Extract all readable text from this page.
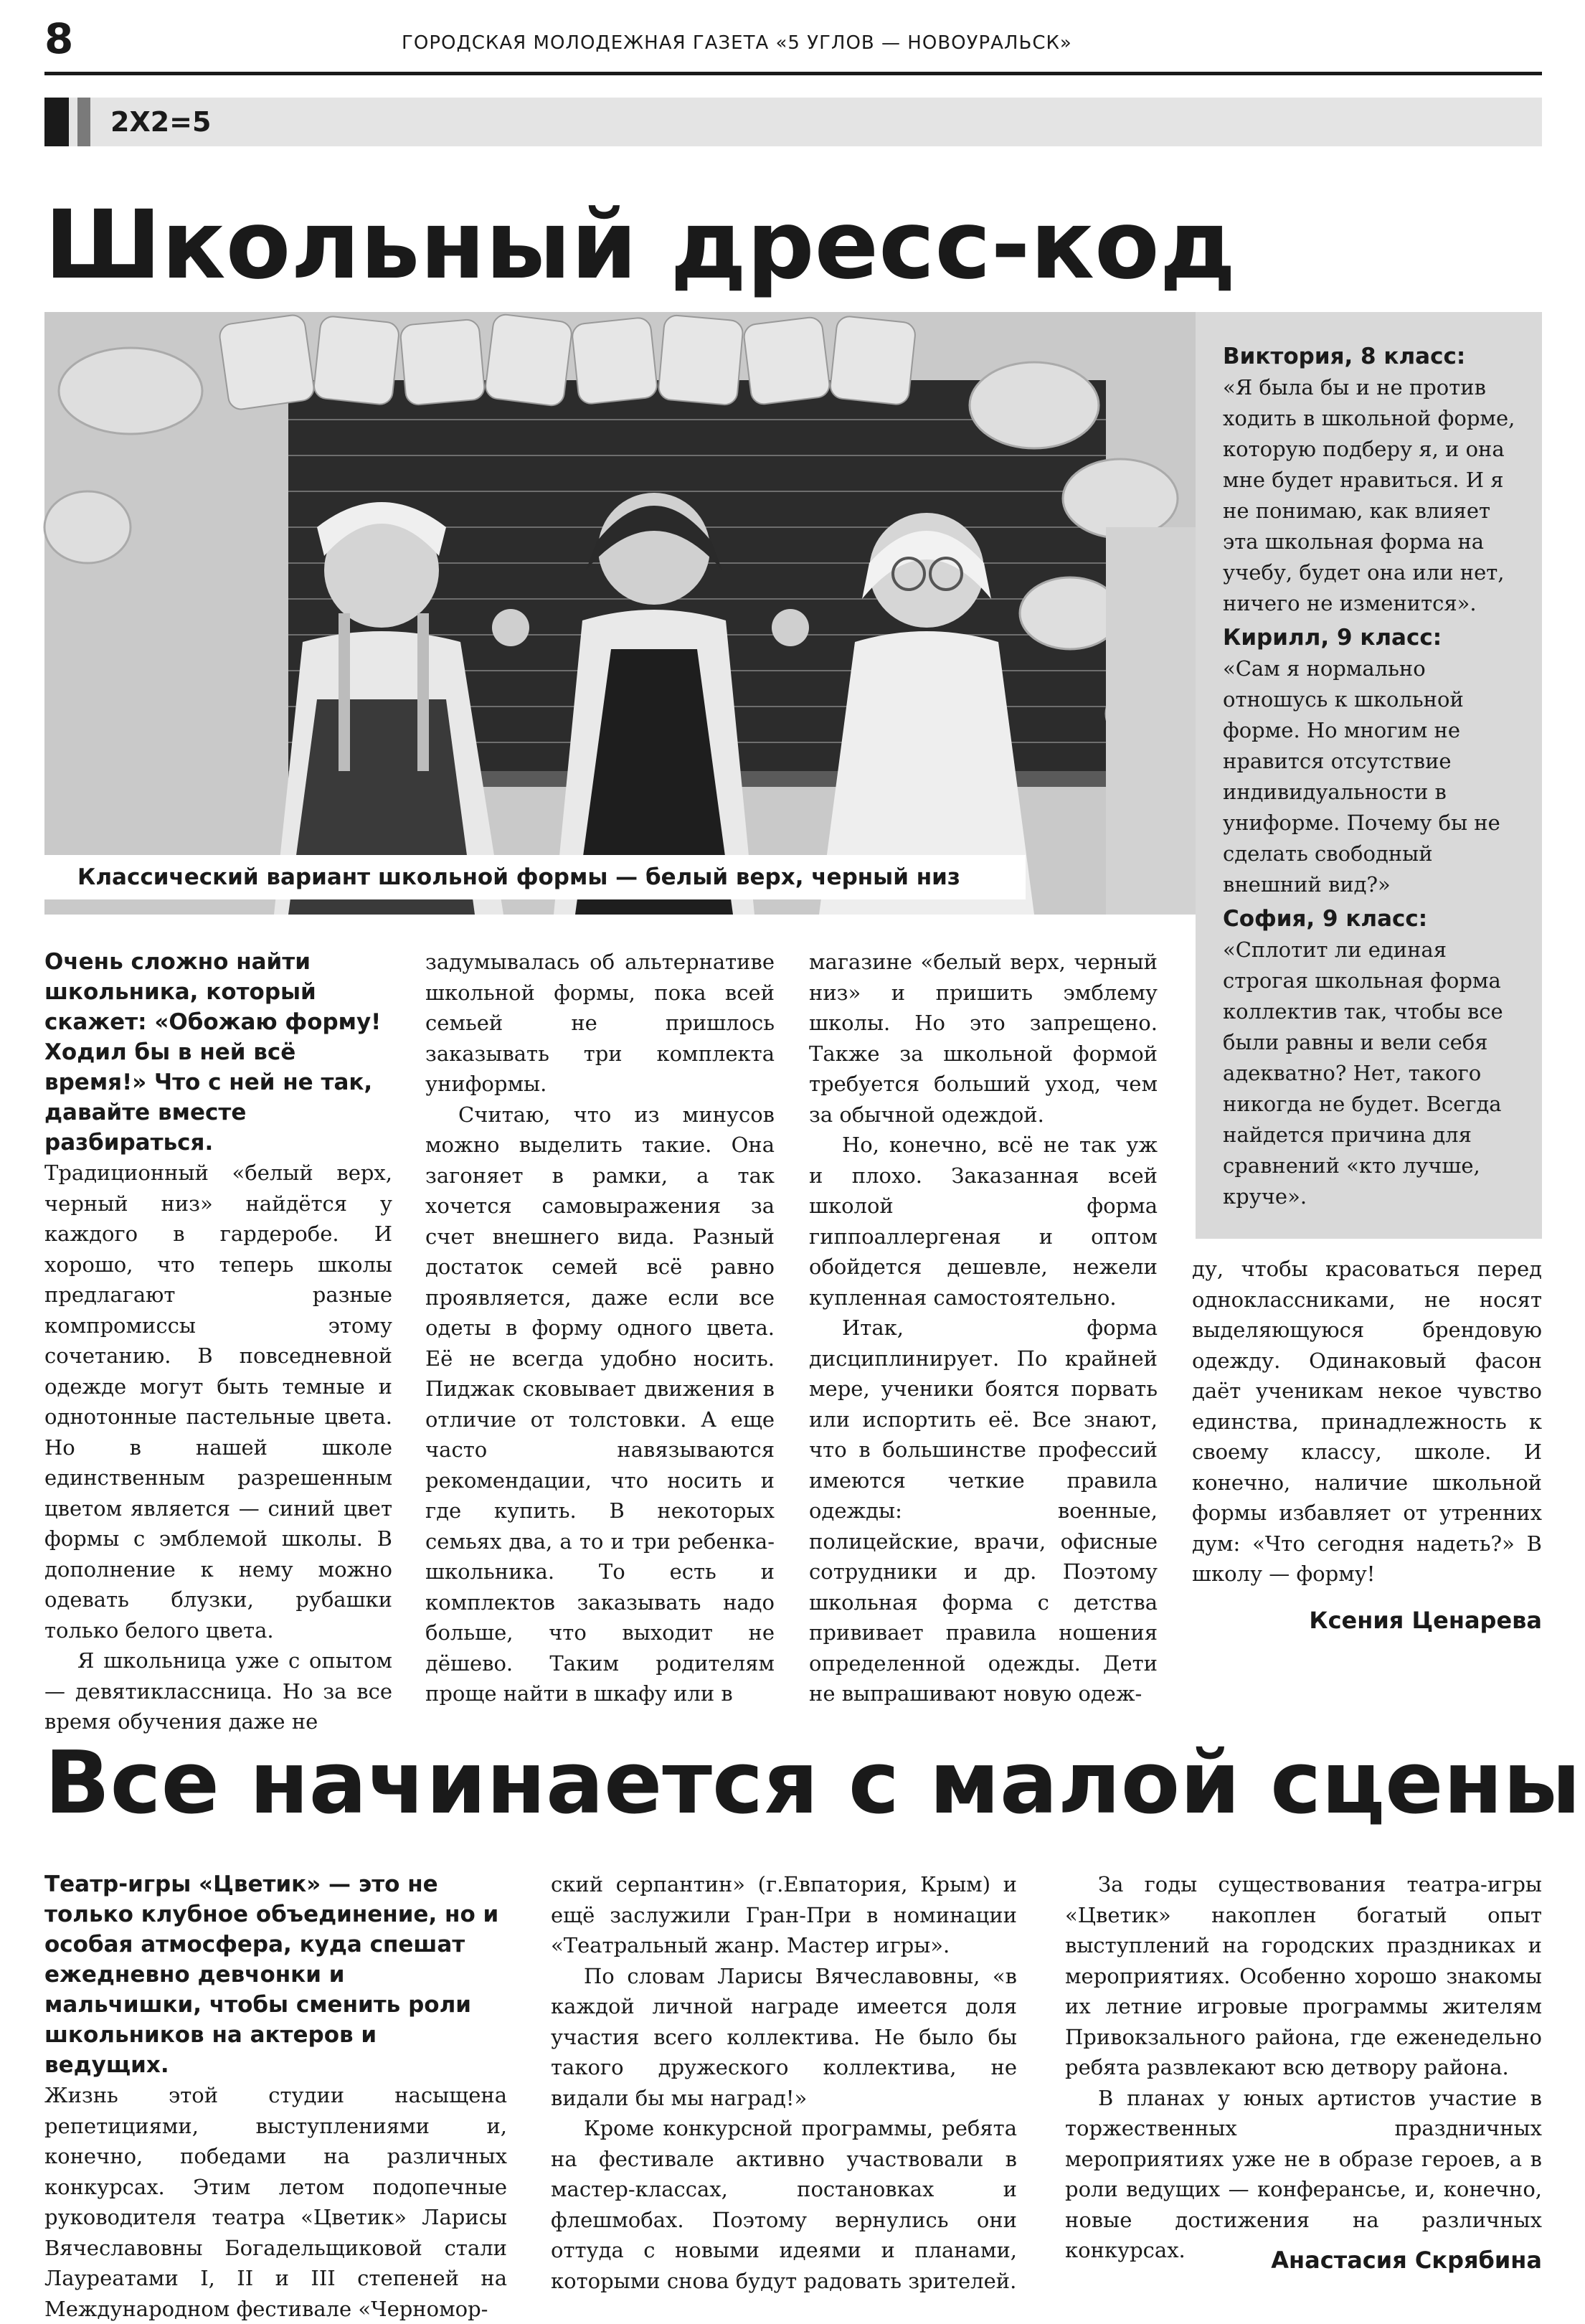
8	ГОРОДСКАЯ МОЛОДЕЖНАЯ ГАЗЕТА «5 УГЛОВ — НОВОУРАЛЬСК»
2Х2=5
Школьный дресс-код
Классический вариант школьной формы — белый верх, черный низ
Виктория, 8 класс:
«Я была бы и не против ходить в школьной форме, которую подберу я, и она мне будет нравиться. И я не понимаю, как влияет эта школьная форма на учебу, будет она или нет, ничего не изменится».
Кирилл, 9 класс:
«Сам я нормально отношусь к школьной форме. Но многим не нравится отсутствие индивидуальности в униформе. Почему бы не сделать свободный внешний вид?»
София, 9 класс:
«Сплотит ли единая строгая школьная форма коллектив так, чтобы все были равны и вели себя адекватно? Нет, такого никогда не будет. Всегда найдется причина для сравнений «кто лучше, круче».

Очень сложно найти школьника, который скажет: «Обожаю форму! Ходил бы в ней всё время!» Что с ней не так, давайте вместе разбираться.

Традиционный «белый верх, черный низ» найдётся у каждого в гардеробе. И хорошо, что теперь школы предлагают разные компромиссы этому сочетанию. В повседневной одежде могут быть темные и однотонные пастельные цвета. Но в нашей школе единственным разрешенным цветом является — синий цвет формы с эмблемой школы. В дополнение к нему можно одевать блузки, рубашки только белого цвета.

Я школьница уже с опытом — девятиклассница. Но за все время обучения даже не

задумывалась об альтернативе школьной формы, пока всей семьей не пришлось заказывать три комплекта униформы.

Считаю, что из минусов можно выделить такие. Она загоняет в рамки, а так хочется самовыражения за счет внешнего вида. Разный достаток семей всё равно проявляется, даже если все одеты в форму одного цвета. Её не всегда удобно носить. Пиджак сковывает движения в отличие от толстовки. А еще часто навязываются рекомендации, что носить и где купить. В некоторых семьях два, а то и три ребенка-школьника. То есть и комплектов заказывать надо больше, что выходит не дёшево. Таким родителям проще найти в шкафу или в

магазине «белый верх, черный низ» и пришить эмблему школы. Но это запрещено. Также за школьной формой требуется больший уход, чем за обычной одеждой.

Но, конечно, всё не так уж и плохо. Заказанная всей школой форма гиппоаллергеная и оптом обойдется дешевле, нежели купленная самостоятельно.

Итак, форма дисциплинирует. По крайней мере, ученики боятся порвать или испортить её. Все знают, что в большинстве профессий имеются четкие правила одежды: военные, полицейские, врачи, офисные сотрудники и др. Поэтому школьная форма с детства прививает правила ношения определенной одежды. Дети не выпрашивают новую одеж-

ду, чтобы красоваться перед одноклассниками, не носят выделяющуюся брендовую одежду. Одинаковый фасон даёт ученикам некое чувство единства, принадлежность к своему классу, школе. И конечно, наличие школьной формы избавляет от утренних дум: «Что сегодня надеть?» В школу — форму!

Ксения Ценарева
Все начинается с малой сцены

Театр-игры «Цветик» — это не только клубное объединение, но и особая атмосфера, куда спешат ежедневно девчонки и мальчишки, чтобы сменить роли школьников на актеров и ведущих.

Жизнь этой студии насыщена репетициями, выступлениями и, конечно, победами на различных конкурсах. Этим летом подопечные руководителя театра «Цветик» Ларисы Вячеславовны Богадельщиковой стали Лауреатами I, II и III степеней на Международном фестивале «Черномор-

ский серпантин» (г.Евпатория, Крым) и ещё заслужили Гран-При в номинации «Театральный жанр. Мастер игры».

По словам Ларисы Вячеславовны, «в каждой личной награде имеется доля участия всего коллектива. Не было бы такого дружеского коллектива, не видали бы мы наград!»

Кроме конкурсной программы, ребята на фестивале активно участвовали в мастер-классах, постановках и флешмобах. Поэтому вернулись они оттуда с новыми идеями и планами, которыми снова будут радовать зрителей.

За годы существования театра-игры «Цветик» накоплен богатый опыт выступлений на городских праздниках и мероприятиях. Особенно хорошо знакомы их летние игровые программы жителям Привокзального района, где еженедельно ребята развлекают всю детвору района.

В планах у юных артистов участие в торжественных праздничных мероприятиях уже не в образе героев, а в роли ведущих — конферансье, и, конечно, новые достижения на различных конкурсах.	Анастасия Скрябина
